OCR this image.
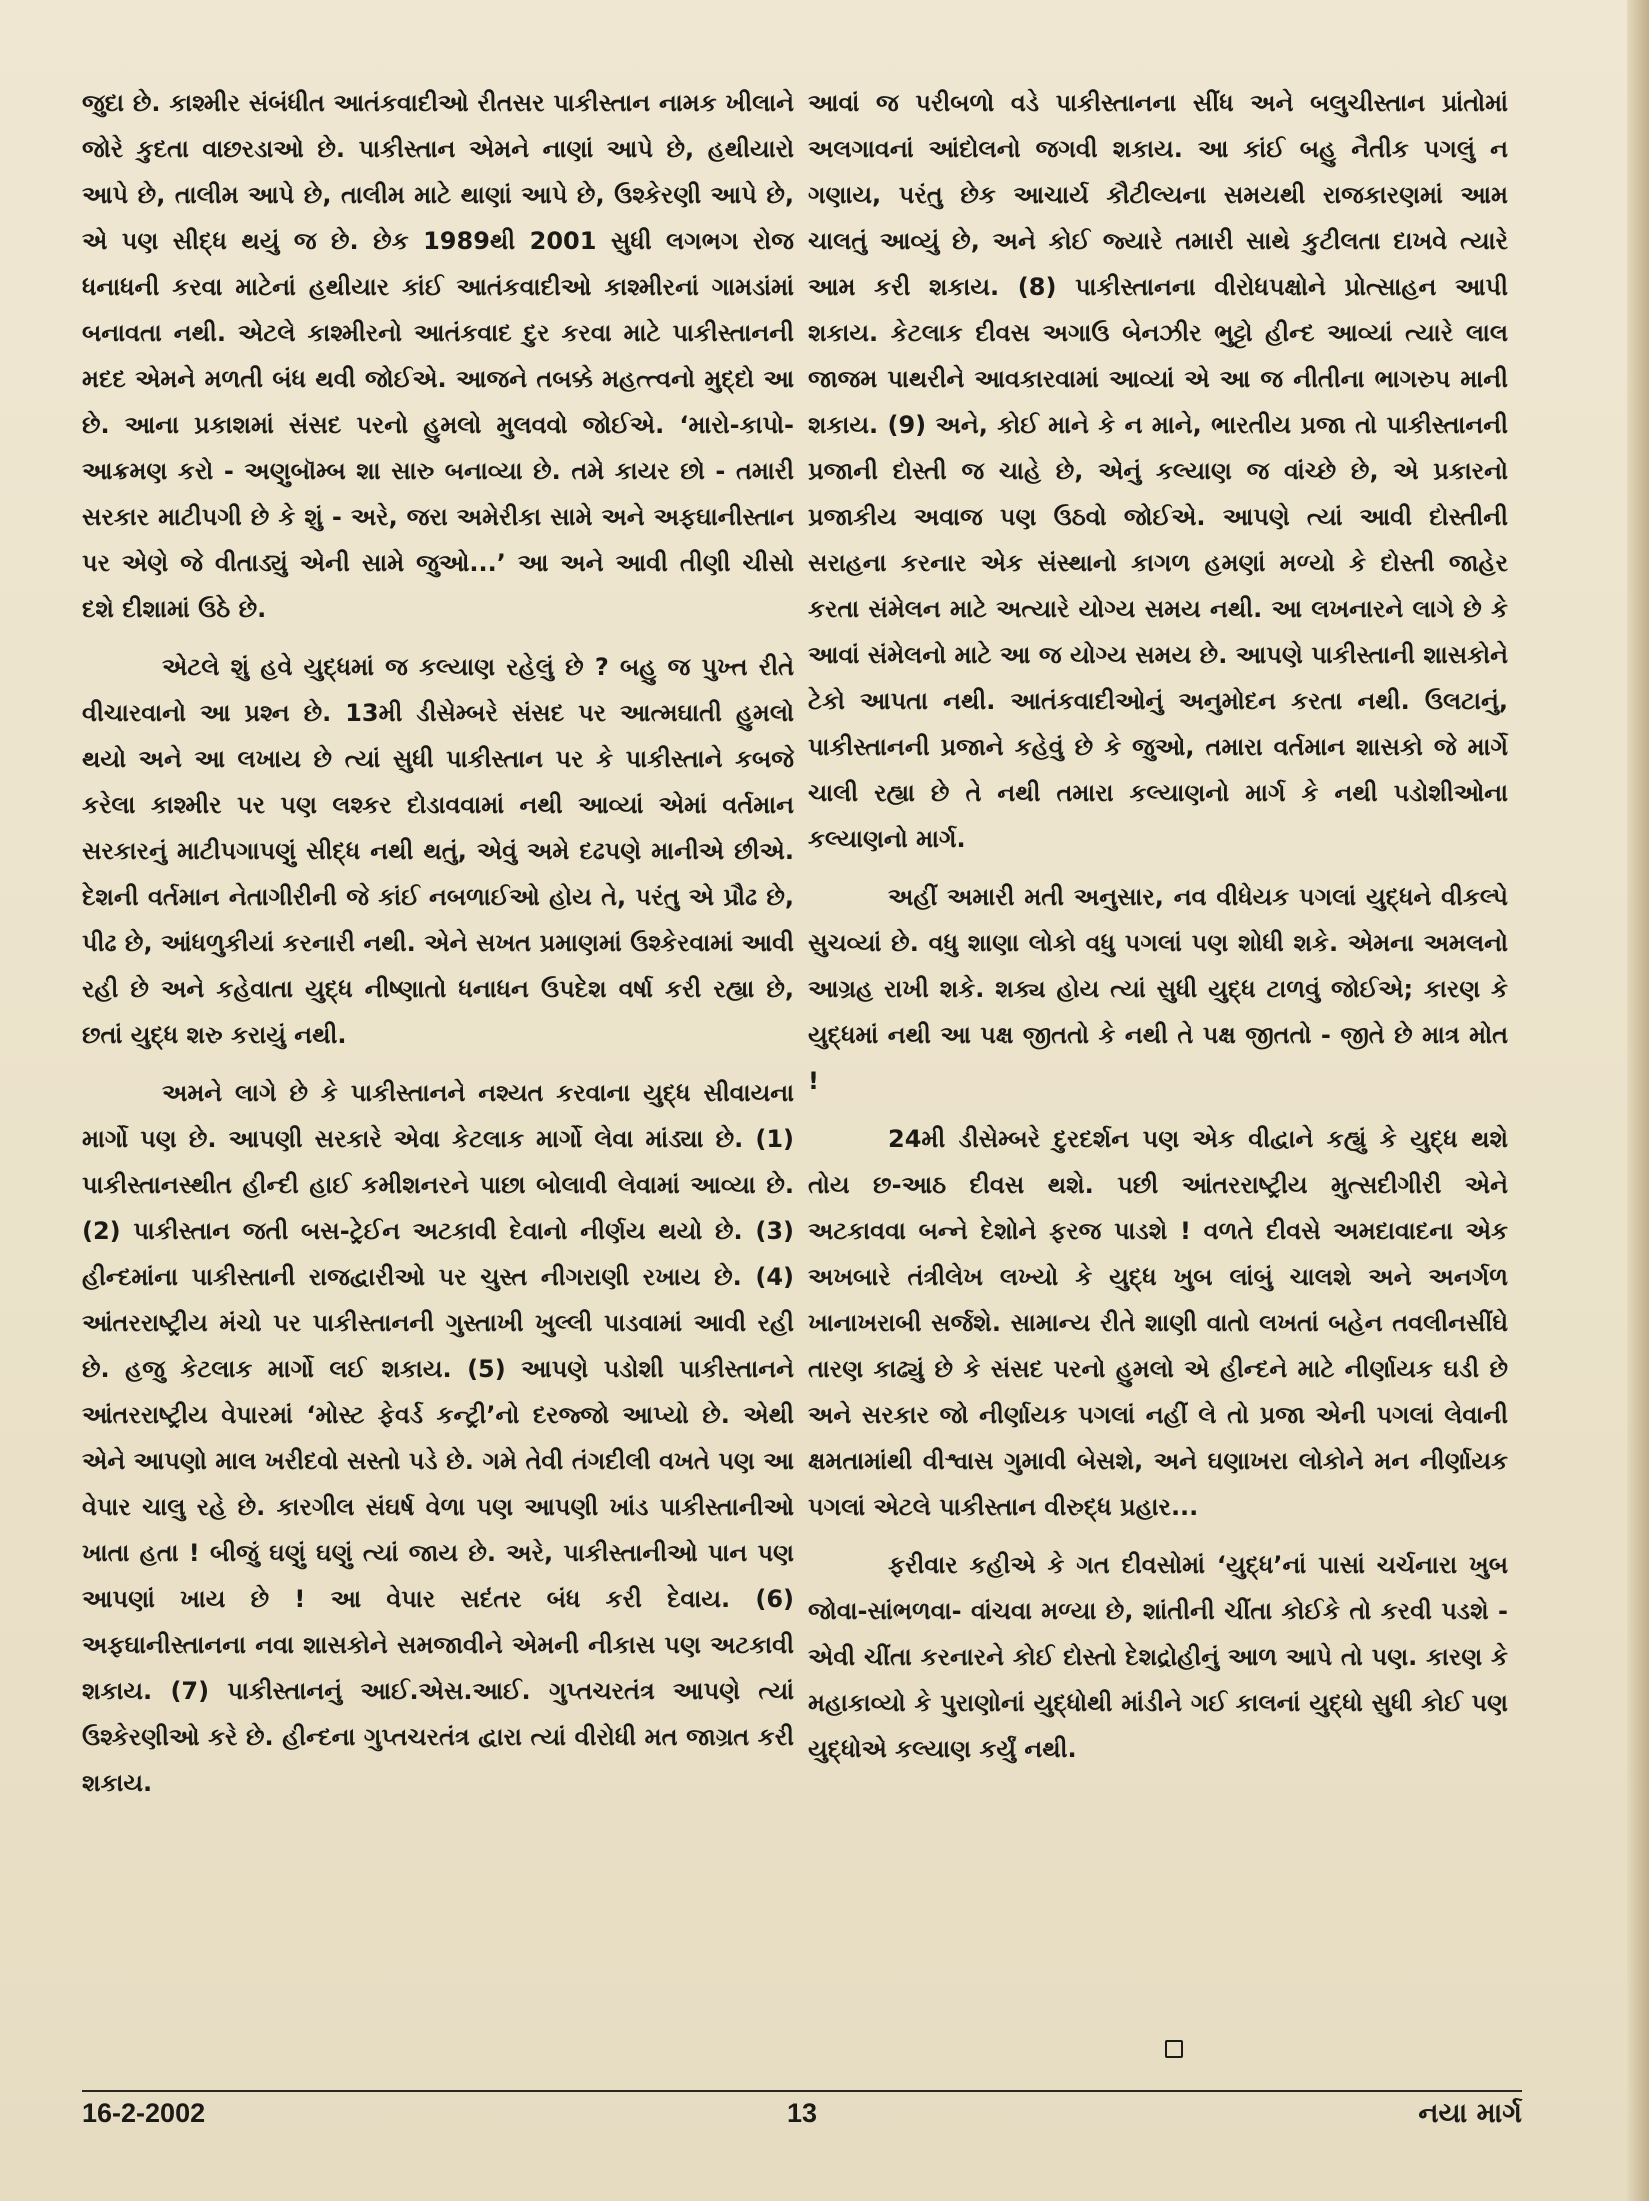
જુદા છે. કાશ્મીર સંબંધીત આતંકવાદીઓ રીતસર પાકીસ્તાન નામક ખીલાને જોરે કુદતા વાછરડાઓ છે. પાકીસ્તાન એમને નાણાં આપે છે, હથીયારો આપે છે, તાલીમ આપે છે, તાલીમ માટે થાણાં આપે છે, ઉશ્કેરણી આપે છે, એ પણ સીદ્ધ થયું જ છે. છેક 1989થી 2001 સુધી લગભગ રોજ ધનાધની કરવા માટેનાં હથીયાર કાંઈ આતંકવાદીઓ કાશ્મીરનાં ગામડાંમાં બનાવતા નથી. એટલે કાશ્મીરનો આતંકવાદ દુર કરવા માટે પાકીસ્તાનની મદદ એમને મળતી બંધ થવી જોઈએ. આજને તબક્કે મહત્ત્વનો મુદ્દો આ છે. આના પ્રકાશમાં સંસદ પરનો હુમલો મુલવવો જોઈએ. ‘મારો-કાપો-આક્રમણ કરો - અણુબૉમ્બ શા સારુ બનાવ્યા છે. તમે કાયર છો - તમારી સરકાર માટીપગી છે કે શું - અરે, જરા અમેરીકા સામે અને અફઘાનીસ્તાન પર એણે જે વીતાડ્યું એની સામે જુઓ...’ આ અને આવી તીણી ચીસો દશે દીશામાં ઉઠે છે.

એટલે શું હવે યુદ્ધમાં જ કલ્યાણ રહેલું છે ? બહુ જ પુખ્ત રીતે વીચારવાનો આ પ્રશ્ન છે. 13મી ડીસેમ્બરે સંસદ પર આત્મઘાતી હુમલો થયો અને આ લખાય છે ત્યાં સુધી પાકીસ્તાન પર કે પાકીસ્તાને કબજે કરેલા કાશ્મીર પર પણ લશ્કર દોડાવવામાં નથી આવ્યાં એમાં વર્તમાન સરકારનું માટીપગાપણું સીદ્ધ નથી થતું, એવું અમે દઢપણે માનીએ છીએ. દેશની વર્તમાન નેતાગીરીની જે કાંઈ નબળાઈઓ હોય તે, પરંતુ એ પ્રૌઢ છે, પીઢ છે, આંધળુકીયાં કરનારી નથી. એને સખત પ્રમાણમાં ઉશ્કેરવામાં આવી રહી છે અને કહેવાતા યુદ્ધ નીષ્ણાતો ધનાધન ઉપદેશ વર્ષા કરી રહ્યા છે, છતાં યુદ્ધ શરુ કરાયું નથી.

અમને લાગે છે કે પાકીસ્તાનને નશ્યત કરવાના યુદ્ધ સીવાયના માર્ગો પણ છે. આપણી સરકારે એવા કેટલાક માર્ગો લેવા માંડ્યા છે. (1) પાકીસ્તાનસ્થીત હીન્દી હાઈ કમીશનરને પાછા બોલાવી લેવામાં આવ્યા છે. (2) પાકીસ્તાન જતી બસ-ટ્રેઈન અટકાવી દેવાનો નીર્ણય થયો છે. (3) હીન્દમાંના પાકીસ્તાની રાજદ્વારીઓ પર ચુસ્ત નીગરાણી રખાય છે. (4) આંતરરાષ્ટ્રીય મંચો પર પાકીસ્તાનની ગુસ્તાખી ખુલ્લી પાડવામાં આવી રહી છે. હજુ કેટલાક માર્ગો લઈ શકાય. (5) આપણે પડોશી પાકીસ્તાનને આંતરરાષ્ટ્રીય વેપારમાં ‘મોસ્ટ ફેવર્ડ કન્ટ્રી’નો દરજ્જો આપ્યો છે. એથી એને આપણો માલ ખરીદવો સસ્તો પડે છે. ગમે તેવી તંગદીલી વખતે પણ આ વેપાર ચાલુ રહે છે. કારગીલ સંઘર્ષ વેળા પણ આપણી ખાંડ પાકીસ્તાનીઓ ખાતા હતા ! બીજું ઘણું ઘણું ત્યાં જાય છે. અરે, પાકીસ્તાનીઓ પાન પણ આપણાં ખાય છે ! આ વેપાર સદંતર બંધ કરી દેવાય. (6) અફઘાનીસ્તાનના નવા શાસકોને સમજાવીને એમની નીકાસ પણ અટકાવી શકાય. (7) પાકીસ્તાનનું આઈ.એસ.આઈ. ગુપ્તચરતંત્ર આપણે ત્યાં ઉશ્કેરણીઓ કરે છે. હીન્દના ગુપ્તચરતંત્ર દ્વારા ત્યાં વીરોધી મત જાગ્રત કરી શકાય.

આવાં જ પરીબળો વડે પાકીસ્તાનના સીંધ અને બલુચીસ્તાન પ્રાંતોમાં અલગાવનાં આંદોલનો જગવી શકાય. આ કાંઈ બહુ નૈતીક પગલું ન ગણાય, પરંતુ છેક આચાર્ય કૌટીલ્યના સમયથી રાજકારણમાં આમ ચાલતું આવ્યું છે, અને કોઈ જ્યારે તમારી સાથે કુટીલતા દાખવે ત્યારે આમ કરી શકાય. (8) પાકીસ્તાનના વીરોધપક્ષોને પ્રોત્સાહન આપી શકાય. કેટલાક દીવસ અગાઉ બેનઝીર ભુટ્ટો હીન્દ આવ્યાં ત્યારે લાલ જાજમ પાથરીને આવકારવામાં આવ્યાં એ આ જ નીતીના ભાગરુપ માની શકાય. (9) અને, કોઈ માને કે ન માને, ભારતીય પ્રજા તો પાકીસ્તાનની પ્રજાની દોસ્તી જ ચાહે છે, એનું કલ્યાણ જ વાંચ્છે છે, એ પ્રકારનો પ્રજાકીય અવાજ પણ ઉઠવો જોઈએ. આપણે ત્યાં આવી દોસ્તીની સરાહના કરનાર એક સંસ્થાનો કાગળ હમણાં મળ્યો કે દોસ્તી જાહેર કરતા સંમેલન માટે અત્યારે યોગ્ય સમય નથી. આ લખનારને લાગે છે કે આવાં સંમેલનો માટે આ જ યોગ્ય સમય છે. આપણે પાકીસ્તાની શાસકોને ટેકો આપતા નથી. આતંકવાદીઓનું અનુમોદન કરતા નથી. ઉલટાનું, પાકીસ્તાનની પ્રજાને કહેવું છે કે જુઓ, તમારા વર્તમાન શાસકો જે માર્ગે ચાલી રહ્યા છે તે નથી તમારા કલ્યાણનો માર્ગ કે નથી પડોશીઓના કલ્યાણનો માર્ગ.

અહીં અમારી મતી અનુસાર, નવ વીધેયક પગલાં યુદ્ધને વીકલ્પે સુચવ્યાં છે. વધુ શાણા લોકો વધુ પગલાં પણ શોધી શકે. એમના અમલનો આગ્રહ રાખી શકે. શક્ય હોય ત્યાં સુધી યુદ્ધ ટાળવું જોઈએ; કારણ કે યુદ્ધમાં નથી આ પક્ષ જીતતો કે નથી તે પક્ષ જીતતો - જીતે છે માત્ર મોત !

24મી ડીસેમ્બરે દુરદર્શન પણ એક વીદ્વાને કહ્યું કે યુદ્ધ થશે તોય છ-આઠ દીવસ થશે. પછી આંતરરાષ્ટ્રીય મુત્સદીગીરી એને અટકાવવા બન્ને દેશોને ફરજ પાડશે ! વળતે દીવસે અમદાવાદના એક અખબારે તંત્રીલેખ લખ્યો કે યુદ્ધ ખુબ લાંબું ચાલશે અને અનર્ગળ ખાનાખરાબી સર્જશે. સામાન્ય રીતે શાણી વાતો લખતાં બહેન તવલીનસીંઘે તારણ કાઢ્યું છે કે સંસદ પરનો હુમલો એ હીન્દને માટે નીર્ણાયક ઘડી છે અને સરકાર જો નીર્ણાયક પગલાં નહીં લે તો પ્રજા એની પગલાં લેવાની ક્ષમતામાંથી વીશ્વાસ ગુમાવી બેસશે, અને ઘણાખરા લોકોને મન નીર્ણાયક પગલાં એટલે પાકીસ્તાન વીરુદ્ધ પ્રહાર...

ફરીવાર કહીએ કે ગત દીવસોમાં ‘યુદ્ધ’નાં પાસાં ચર્ચનારા ખુબ જોવા-સાંભળવા- વાંચવા મળ્યા છે, શાંતીની ચીંતા કોઈકે તો કરવી પડશે - એવી ચીંતા કરનારને કોઈ દોસ્તો દેશદ્રોહીનું આળ આપે તો પણ. કારણ કે મહાકાવ્યો કે પુરાણોનાં યુદ્ધોથી માંડીને ગઈ કાલનાં યુદ્ધો સુધી કોઈ પણ યુદ્ધોએ કલ્યાણ કર્યું નથી.

16-2-2002	13	નયા માર્ગ
